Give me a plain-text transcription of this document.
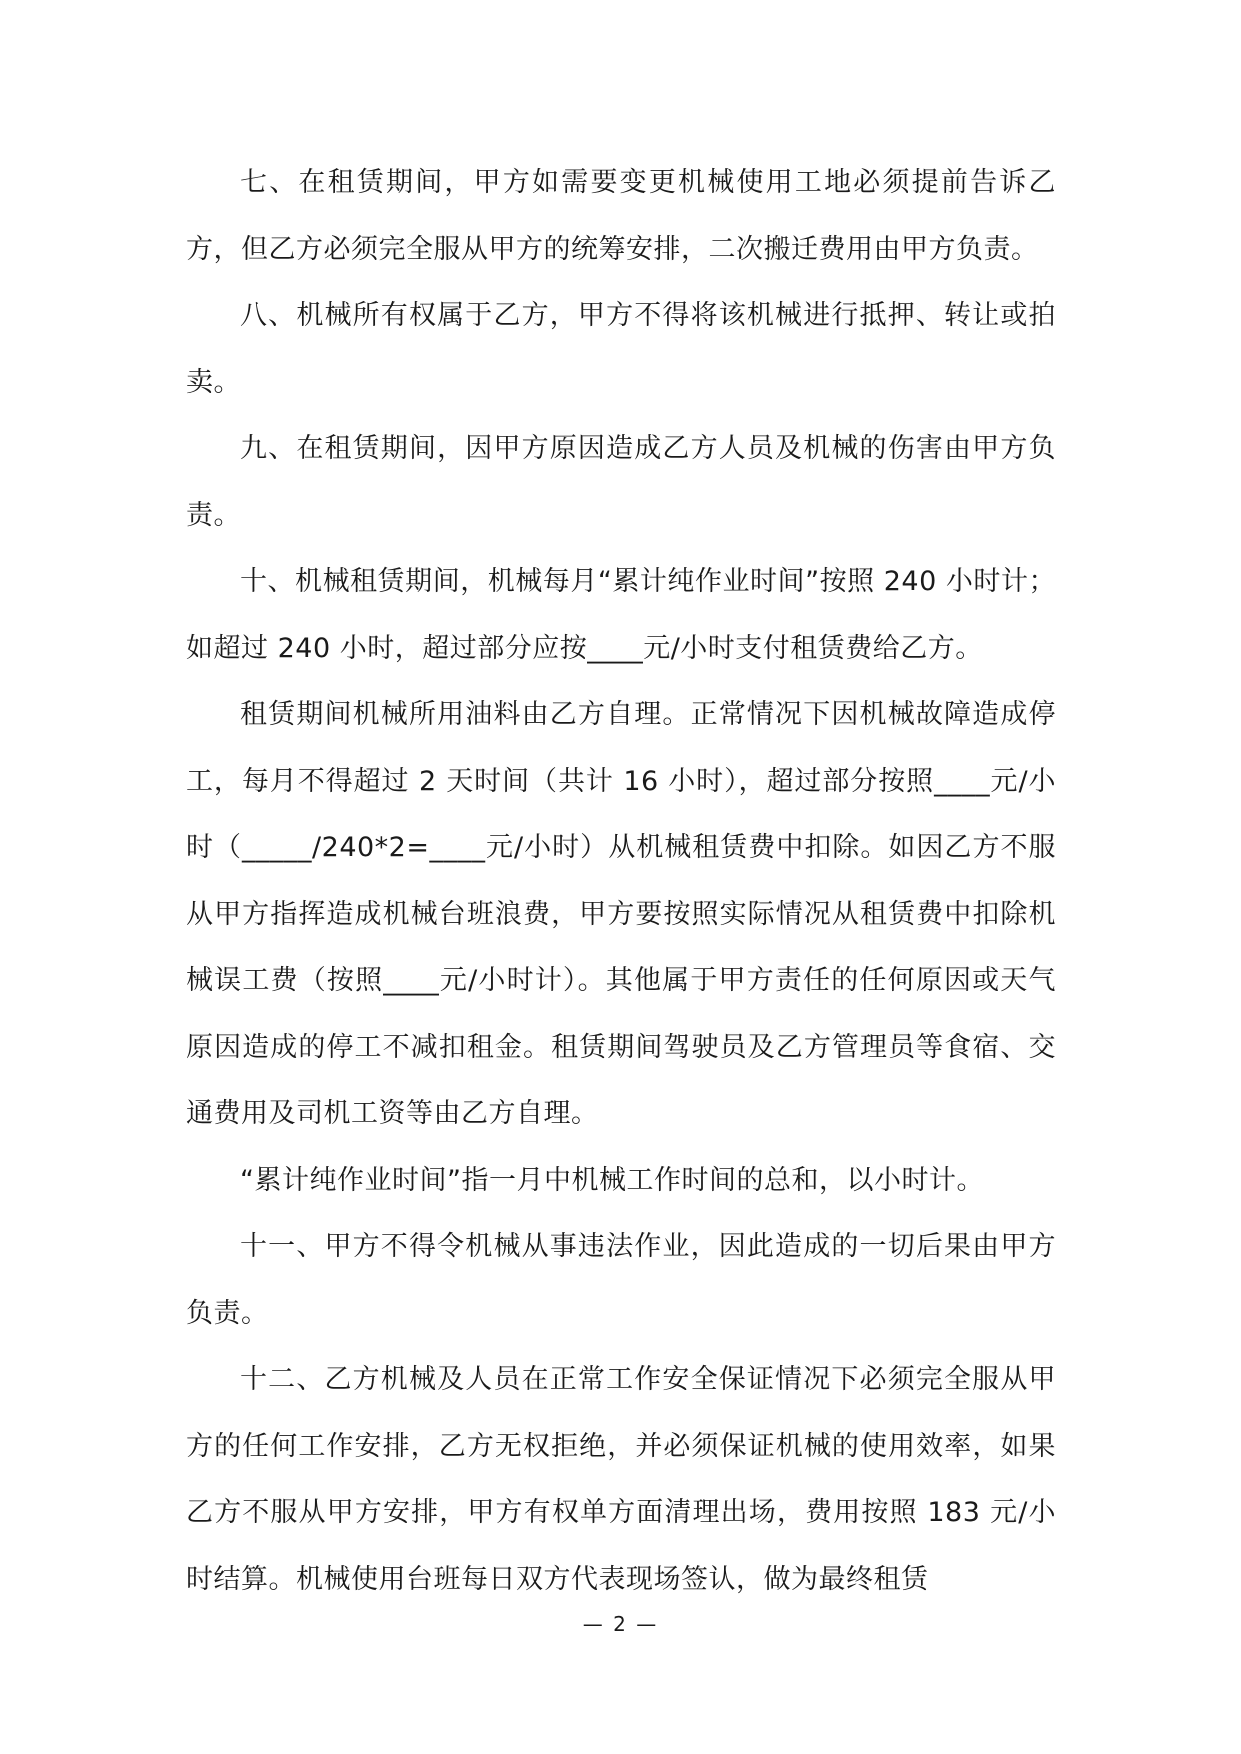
七、在租赁期间，甲方如需要变更机械使用工地必须提前告诉乙方，但乙方必须完全服从甲方的统筹安排，二次搬迁费用由甲方负责。

八、机械所有权属于乙方，甲方不得将该机械进行抵押、转让或拍卖。

九、在租赁期间，因甲方原因造成乙方人员及机械的伤害由甲方负责。

十、机械租赁期间，机械每月“累计纯作业时间”按照 240 小时计；如超过 240 小时，超过部分应按____元/小时支付租赁费给乙方。

租赁期间机械所用油料由乙方自理。正常情况下因机械故障造成停工，每月不得超过 2 天时间（共计 16 小时），超过部分按照____元/小时（_____/240*2=____元/小时）从机械租赁费中扣除。如因乙方不服从甲方指挥造成机械台班浪费，甲方要按照实际情况从租赁费中扣除机械误工费（按照____元/小时计）。其他属于甲方责任的任何原因或天气原因造成的停工不减扣租金。租赁期间驾驶员及乙方管理员等食宿、交通费用及司机工资等由乙方自理。

“累计纯作业时间”指一月中机械工作时间的总和，以小时计。

十一、甲方不得令机械从事违法作业，因此造成的一切后果由甲方负责。

十二、乙方机械及人员在正常工作安全保证情况下必须完全服从甲方的任何工作安排，乙方无权拒绝，并必须保证机械的使用效率，如果乙方不服从甲方安排，甲方有权单方面清理出场，费用按照 183 元/小时结算。机械使用台班每日双方代表现场签认，做为最终租赁

— 2 —
